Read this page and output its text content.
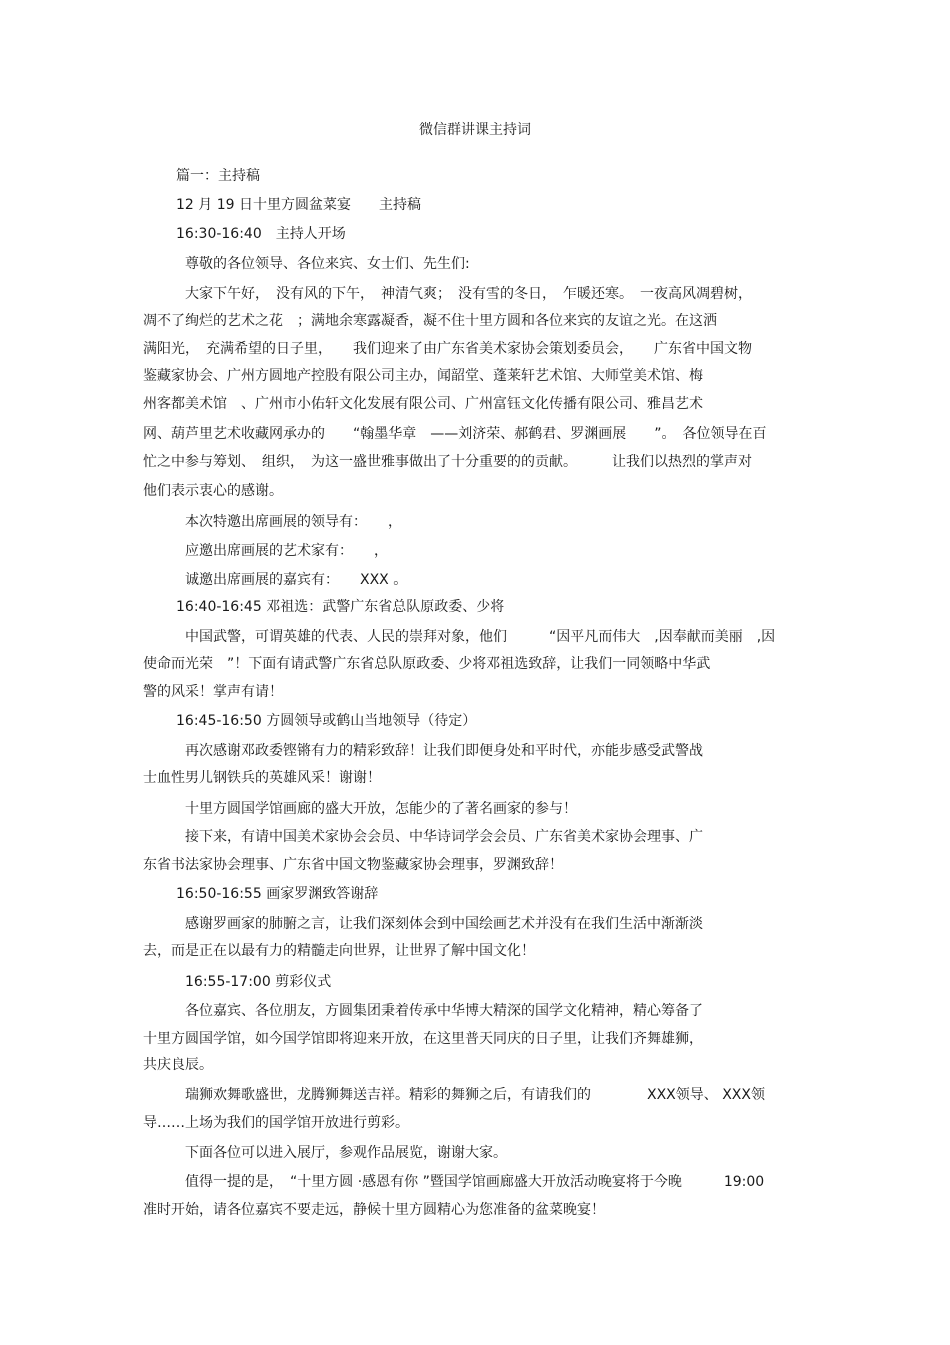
微信群讲课主持词
篇一：主持稿
12 月 19 日十里方圆盆菜宴　　主持稿
16:30-16:40　主持人开场
尊敬的各位领导、各位来宾、女士们、先生们:
大家下午好，　没有风的下午，　神清气爽；　没有雪的冬日，　乍暖还寒。　一夜高风凋碧树，
凋不了绚烂的艺术之花　；满地余寒露凝香，凝不住十里方圆和各位来宾的友谊之光。在这洒
满阳光，　充满希望的日子里，　　我们迎来了由广东省美术家协会策划委员会，　　广东省中国文物
鉴藏家协会、广州方圆地产控股有限公司主办，闻韶堂、蓬莱轩艺术馆、大师堂美术馆、梅
州客都美术馆　、广州市小佑轩文化发展有限公司、广州富钰文化传播有限公司、雅昌艺术
网、葫芦里艺术收藏网承办的　　“翰墨华章　——刘济荣、郝鹤君、罗渊画展　　”。　各位领导在百
忙之中参与筹划、　组织，　为这一盛世雅事做出了十分重要的的贡献。　　　让我们以热烈的掌声对
他们表示衷心的感谢。
本次特邀出席画展的领导有：　　，
应邀出席画展的艺术家有：　　，
诚邀出席画展的嘉宾有：　　XXX 。
16:40-16:45 邓祖选：武警广东省总队原政委、少将
中国武警，可谓英雄的代表、人民的崇拜对象，他们　　　“因平凡而伟大　,因奉献而美丽　,因
使命而光荣　”！下面有请武警广东省总队原政委、少将邓祖选致辞，让我们一同领略中华武
警的风采！掌声有请！
16:45-16:50 方圆领导或鹤山当地领导（待定）
再次感谢邓政委铿锵有力的精彩致辞！让我们即便身处和平时代，亦能步感受武警战
士血性男儿钢铁兵的英雄风采！谢谢！
十里方圆国学馆画廊的盛大开放，怎能少的了著名画家的参与！
接下来，有请中国美术家协会会员、中华诗词学会会员、广东省美术家协会理事、广
东省书法家协会理事、广东省中国文物鉴藏家协会理事，罗渊致辞！
16:50-16:55 画家罗渊致答谢辞
感谢罗画家的肺腑之言，让我们深刻体会到中国绘画艺术并没有在我们生活中渐渐淡
去，而是正在以最有力的精髓走向世界，让世界了解中国文化！
16:55-17:00 剪彩仪式
各位嘉宾、各位朋友，方圆集团秉着传承中华博大精深的国学文化精神，精心筹备了
十里方圆国学馆，如今国学馆即将迎来开放，在这里普天同庆的日子里，让我们齐舞雄狮，
共庆良辰。
瑞狮欢舞歌盛世，龙腾狮舞送吉祥。精彩的舞狮之后，有请我们的　　　　XXX领导、 XXX领
导……上场为我们的国学馆开放进行剪彩。
下面各位可以进入展厅，参观作品展览，谢谢大家。
值得一提的是，　“十里方圆 ·感恩有你 ”暨国学馆画廊盛大开放活动晚宴将于今晚　　　19:00
准时开始，请各位嘉宾不要走远，静候十里方圆精心为您准备的盆菜晚宴！
